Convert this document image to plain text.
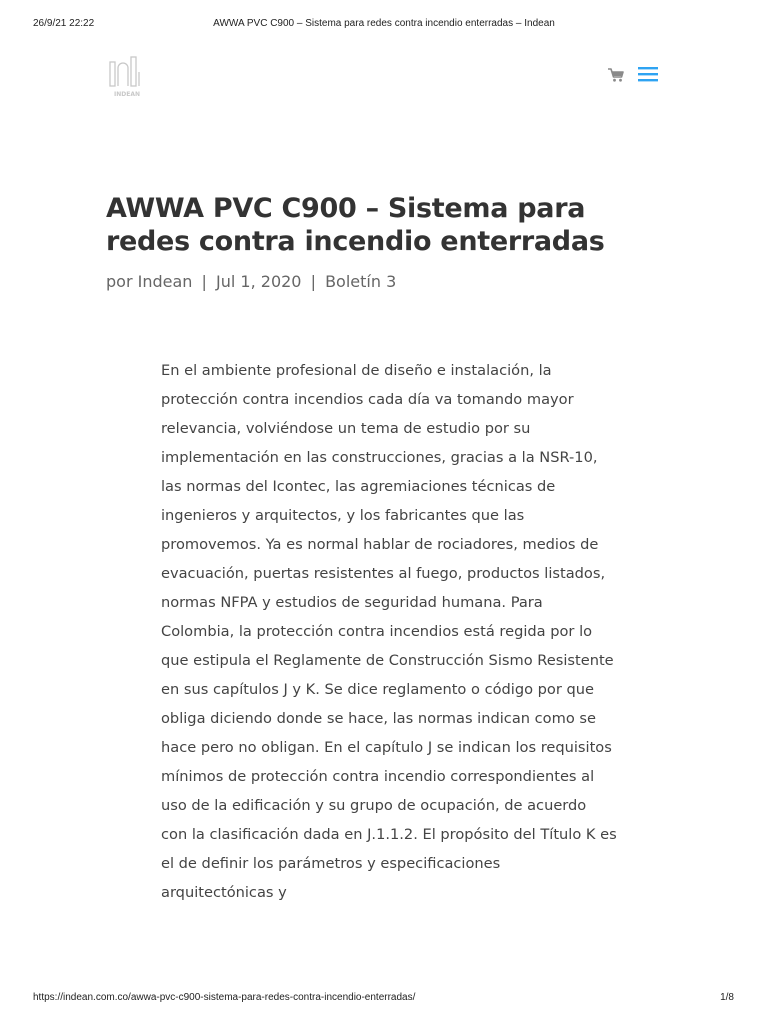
26/9/21 22:22	AWWA PVC C900 – Sistema para redes contra incendio enterradas – Indean
INDEAN
AWWA PVC C900 – Sistema para redes contra incendio enterradas
por Indean | Jul 1, 2020 | Boletín 3

En el ambiente profesional de diseño e instalación, la protección contra incendios cada día va tomando mayor relevancia, volviéndose un tema de estudio por su implementación en las construcciones, gracias a la NSR-10, las normas del Icontec, las agremiaciones técnicas de ingenieros y arquitectos, y los fabricantes que las promovemos. Ya es normal hablar de rociadores, medios de evacuación, puertas resistentes al fuego, productos listados, normas NFPA y estudios de seguridad humana. Para Colombia, la protección contra incendios está regida por lo que estipula el Reglamente de Construcción Sismo Resistente en sus capítulos J y K. Se dice reglamento o código por que obliga diciendo donde se hace, las normas indican como se hace pero no obligan. En el capítulo J se indican los requisitos mínimos de protección contra incendio correspondientes al uso de la edificación y su grupo de ocupación, de acuerdo con la clasificación dada en J.1.1.2. El propósito del Título K es el de definir los parámetros y especificaciones arquitectónicas y

https://indean.com.co/awwa-pvc-c900-sistema-para-redes-contra-incendio-enterradas/	1/8
